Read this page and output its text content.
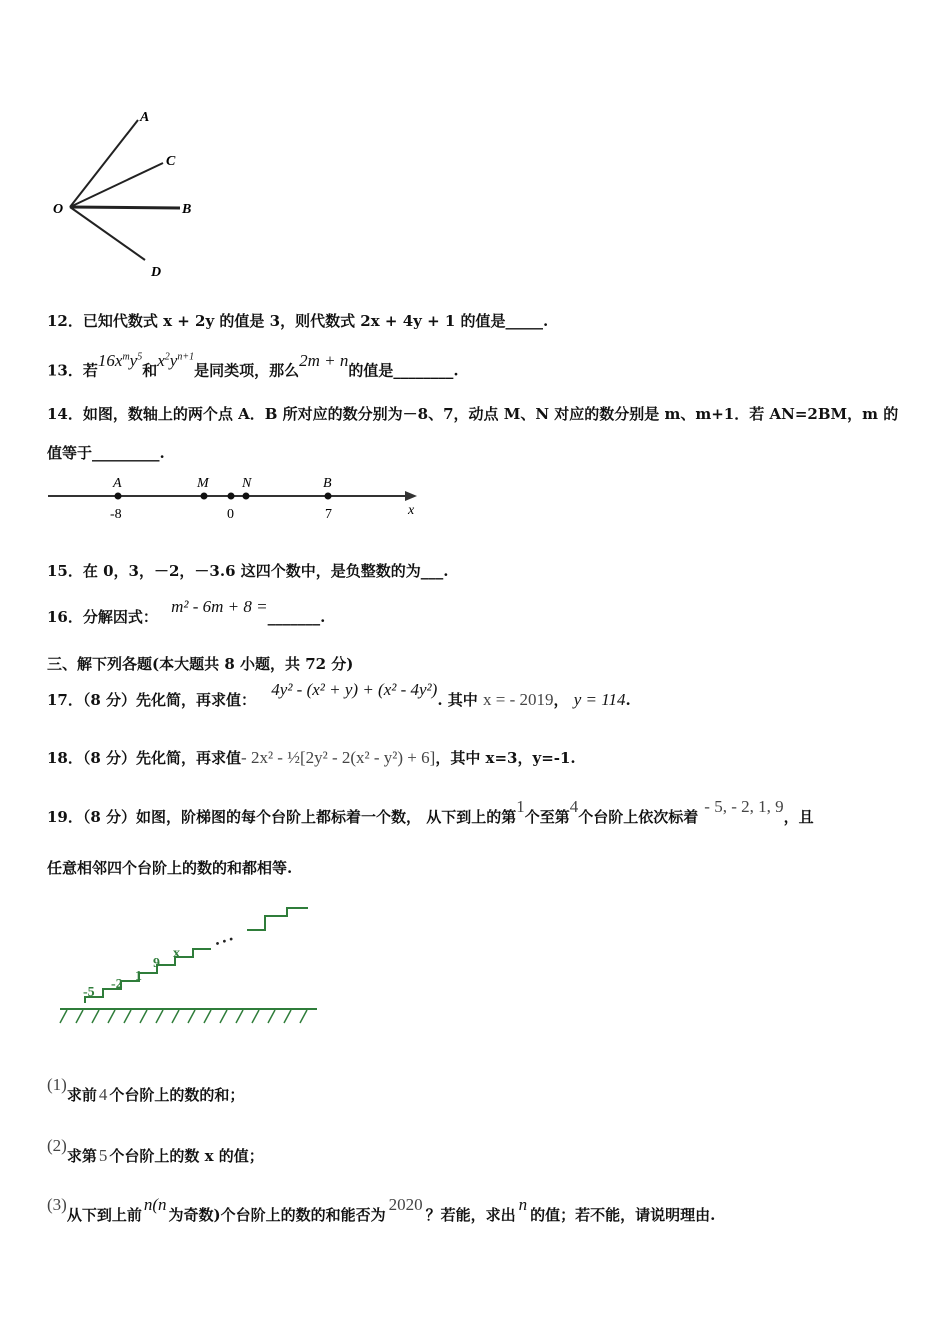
O
A
C
B
D
12．已知代数式 x + 2y 的值是 3，则代数式 2x + 4y + 1 的值是_____.
13．若$16x^my^5$和$x^2y^{n+1}$是同类项，那么2m + n的值是________.
14．如图，数轴上的两个点 A．B 所对应的数分别为－8、7，动点 M、N 对应的数分别是 m、m+1．若 AN=2BM，m 的
值等于_________.
A	M N	B
x
-8	0	7
15．在 0，3，－2，－3.6 这四个数中，是负整数的为___.
16．分解因式： m² - 6m + 8 =_______.
三、解下列各题(本大题共 8 小题，共 72 分)
17．（8 分）先化简，再求值： 4y² - (x² + y) + (x² - 4y²). 其中 x = - 2019， y = 114.
18．（8 分）先化简，再求值- 2x² - ½[2y² - 2(x² - y²) + 6]，其中 x=3，y=-1.
19．（8 分）如图，阶梯图的每个台阶上都标着一个数， 从下到上的第1个至第4个台阶上依次标着- 5, - 2, 1, 9，且
任意相邻四个台阶上的数的和都相等.
-5
-2
1
9
x
• • •
(1)求前 4 个台阶上的数的和；
(2)求第 5 个台阶上的数 x 的值；
(3)从下到上前n(n为奇数)个台阶上的数的和能否为2020？若能，求出n的值；若不能，请说明理由.
